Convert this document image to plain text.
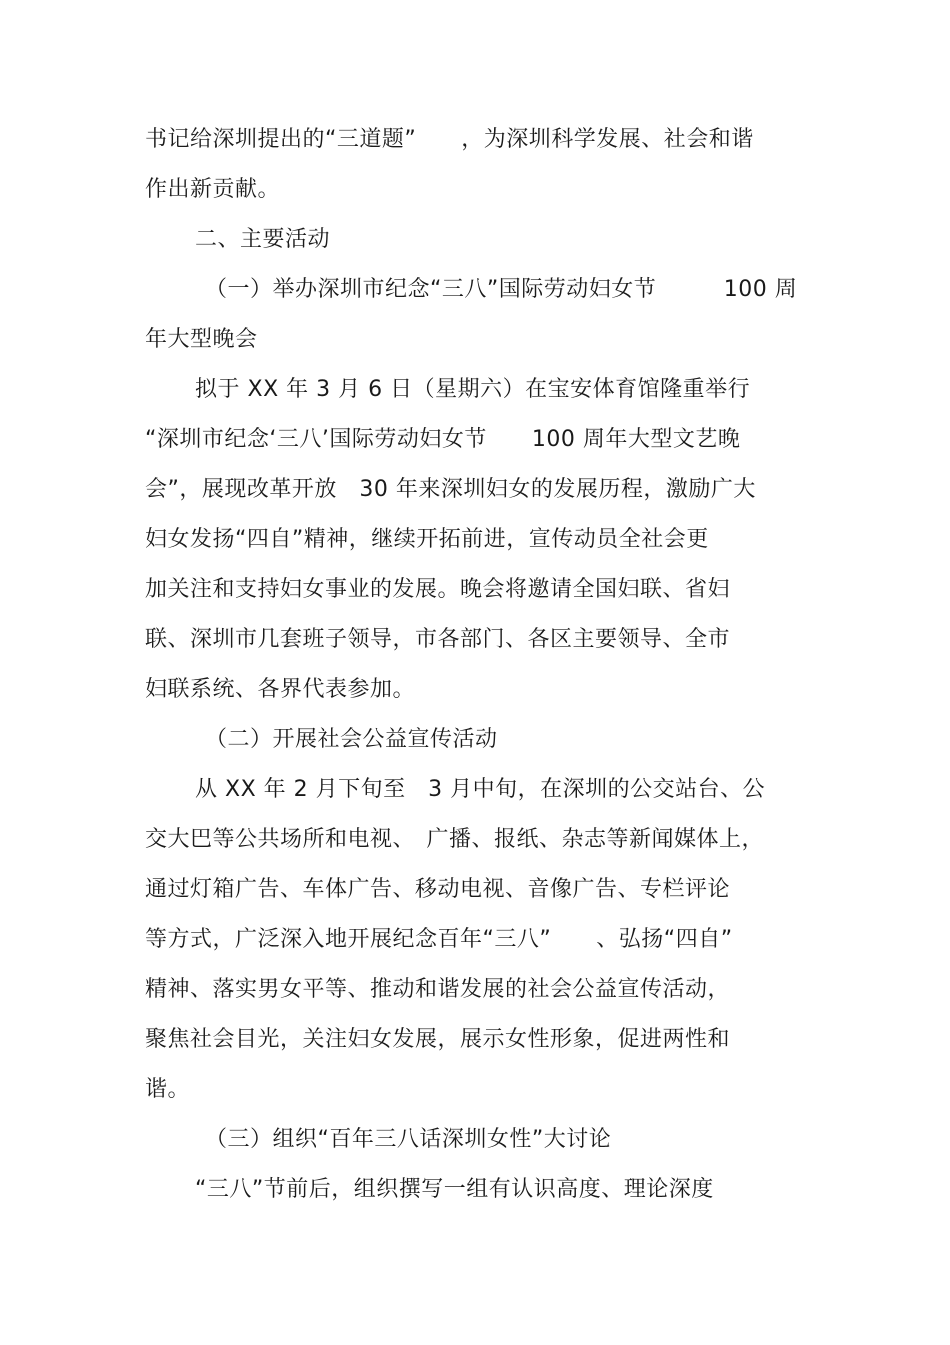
书记给深圳提出的“三道题”　　，为深圳科学发展、社会和谐
作出新贡献。
二、主要活动
（一）举办深圳市纪念“三八”国际劳动妇女节　　　100 周
年大型晚会
拟于 XX 年 3 月 6 日（星期六）在宝安体育馆隆重举行
“深圳市纪念‘三八’国际劳动妇女节　　100 周年大型文艺晚
会”，展现改革开放　30 年来深圳妇女的发展历程，激励广大
妇女发扬“四自”精神，继续开拓前进，宣传动员全社会更
加关注和支持妇女事业的发展。晚会将邀请全国妇联、省妇
联、深圳市几套班子领导，市各部门、各区主要领导、全市
妇联系统、各界代表参加。
（二）开展社会公益宣传活动
从 XX 年 2 月下旬至　3 月中旬，在深圳的公交站台、公
交大巴等公共场所和电视、　广播、报纸、杂志等新闻媒体上，
通过灯箱广告、车体广告、移动电视、音像广告、专栏评论
等方式，广泛深入地开展纪念百年“三八”　　、弘扬“四自”
精神、落实男女平等、推动和谐发展的社会公益宣传活动，
聚焦社会目光，关注妇女发展，展示女性形象，促进两性和
谐。
（三）组织“百年三八话深圳女性”大讨论
“三八”节前后，组织撰写一组有认识高度、理论深度
